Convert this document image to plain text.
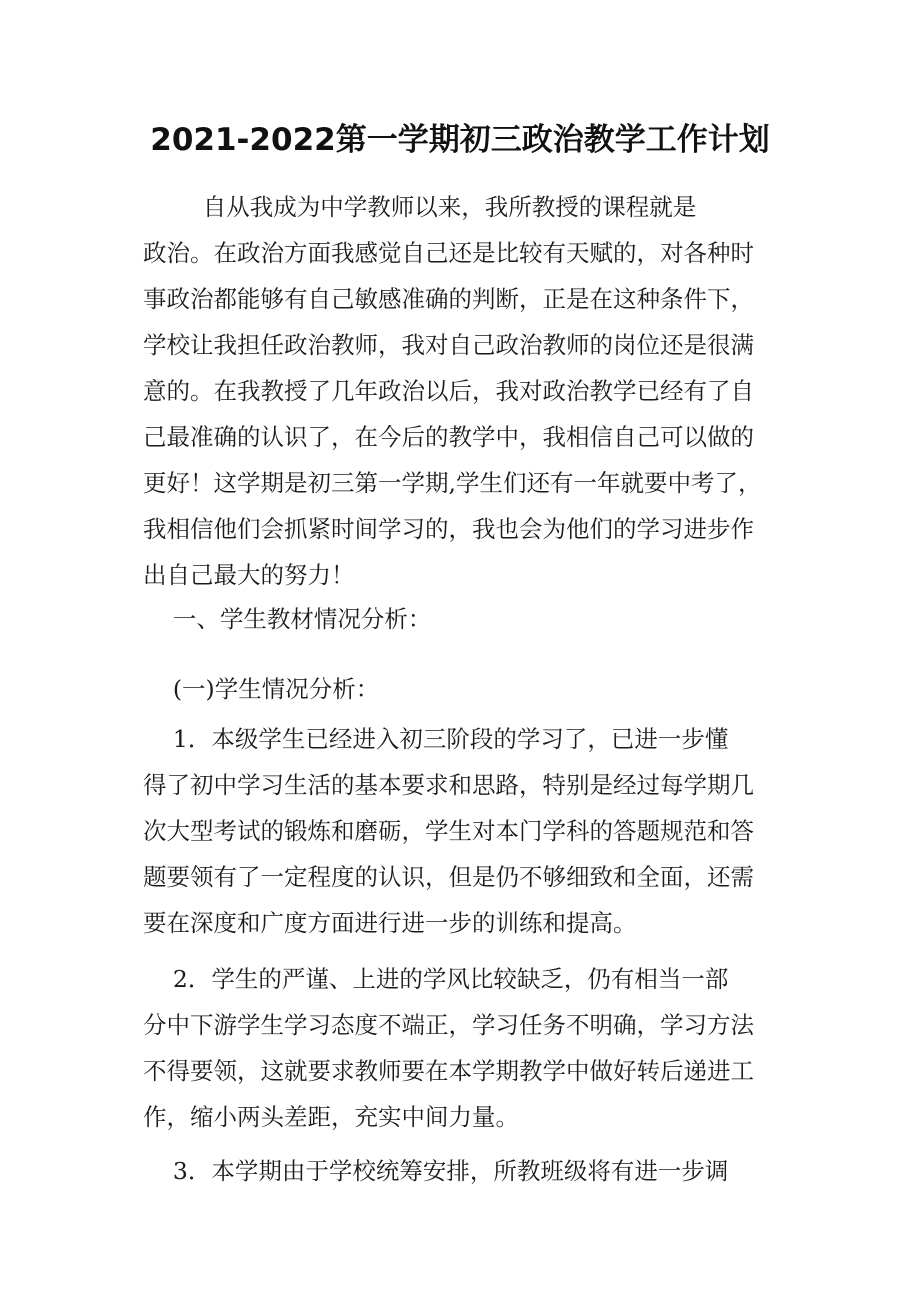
2021-2022第一学期初三政治教学工作计划
自从我成为中学教师以来，我所教授的课程就是
政治。在政治方面我感觉自己还是比较有天赋的，对各种时
事政治都能够有自己敏感准确的判断，正是在这种条件下，
学校让我担任政治教师，我对自己政治教师的岗位还是很满
意的。在我教授了几年政治以后，我对政治教学已经有了自
己最准确的认识了，在今后的教学中，我相信自己可以做的
更好！这学期是初三第一学期,学生们还有一年就要中考了，
我相信他们会抓紧时间学习的，我也会为他们的学习进步作
出自己最大的努力！
一、学生教材情况分析：
(一)学生情况分析：
1．本级学生已经进入初三阶段的学习了，已进一步懂
得了初中学习生活的基本要求和思路，特别是经过每学期几
次大型考试的锻炼和磨砺，学生对本门学科的答题规范和答
题要领有了一定程度的认识，但是仍不够细致和全面，还需
要在深度和广度方面进行进一步的训练和提高。
2．学生的严谨、上进的学风比较缺乏，仍有相当一部
分中下游学生学习态度不端正，学习任务不明确，学习方法
不得要领，这就要求教师要在本学期教学中做好转后递进工
作，缩小两头差距，充实中间力量。
3．本学期由于学校统筹安排，所教班级将有进一步调
